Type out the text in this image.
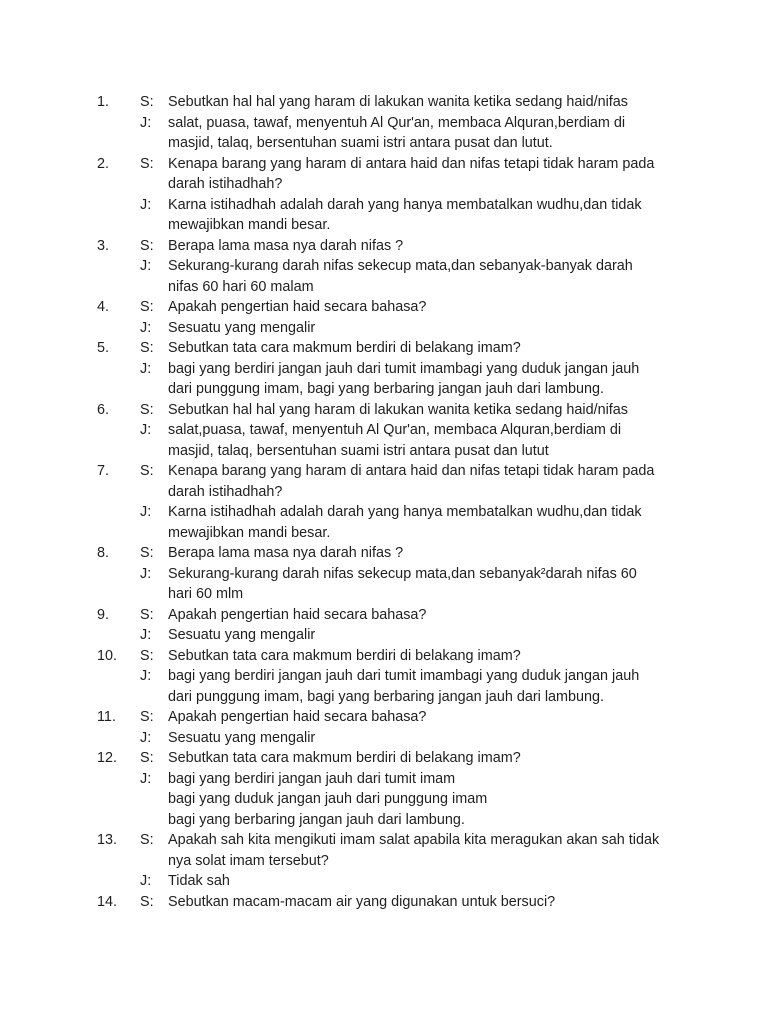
1. S: Sebutkan hal hal yang haram di lakukan wanita ketika sedang haid/nifas
J: salat, puasa, tawaf, menyentuh Al Qur'an, membaca Alquran,berdiam di
masjid, talaq, bersentuhan suami istri antara pusat dan lutut.
2. S: Kenapa barang yang haram di antara haid dan nifas tetapi tidak haram pada
darah istihadhah?
J: Karna istihadhah adalah darah yang hanya membatalkan wudhu,dan tidak
mewajibkan mandi besar.
3. S: Berapa lama masa nya darah nifas ?
J: Sekurang-kurang darah nifas sekecup mata,dan sebanyak-banyak darah
nifas 60 hari 60 malam
4. S: Apakah pengertian haid secara bahasa?
J: Sesuatu yang mengalir
5. S: Sebutkan tata cara makmum berdiri di belakang imam?
J: bagi yang berdiri jangan jauh dari tumit imambagi yang duduk jangan jauh
dari punggung imam, bagi yang berbaring jangan jauh dari lambung.
6. S: Sebutkan hal hal yang haram di lakukan wanita ketika sedang haid/nifas
J: salat,puasa, tawaf, menyentuh Al Qur'an, membaca Alquran,berdiam di
masjid, talaq, bersentuhan suami istri antara pusat dan lutut
7. S: Kenapa barang yang haram di antara haid dan nifas tetapi tidak haram pada
darah istihadhah?
J: Karna istihadhah adalah darah yang hanya membatalkan wudhu,dan tidak
mewajibkan mandi besar.
8. S: Berapa lama masa nya darah nifas ?
J: Sekurang-kurang darah nifas sekecup mata,dan sebanyak²darah nifas 60
hari 60 mlm
9. S: Apakah pengertian haid secara bahasa?
J: Sesuatu yang mengalir
10. S: Sebutkan tata cara makmum berdiri di belakang imam?
J: bagi yang berdiri jangan jauh dari tumit imambagi yang duduk jangan jauh
dari punggung imam, bagi yang berbaring jangan jauh dari lambung.
11. S: Apakah pengertian haid secara bahasa?
J: Sesuatu yang mengalir
12. S: Sebutkan tata cara makmum berdiri di belakang imam?
J: bagi yang berdiri jangan jauh dari tumit imam
bagi yang duduk jangan jauh dari punggung imam
bagi yang berbaring jangan jauh dari lambung.
13. S: Apakah sah kita mengikuti imam salat apabila kita meragukan akan sah tidak
nya solat imam tersebut?
J: Tidak sah
14. S: Sebutkan macam-macam air yang digunakan untuk bersuci?
